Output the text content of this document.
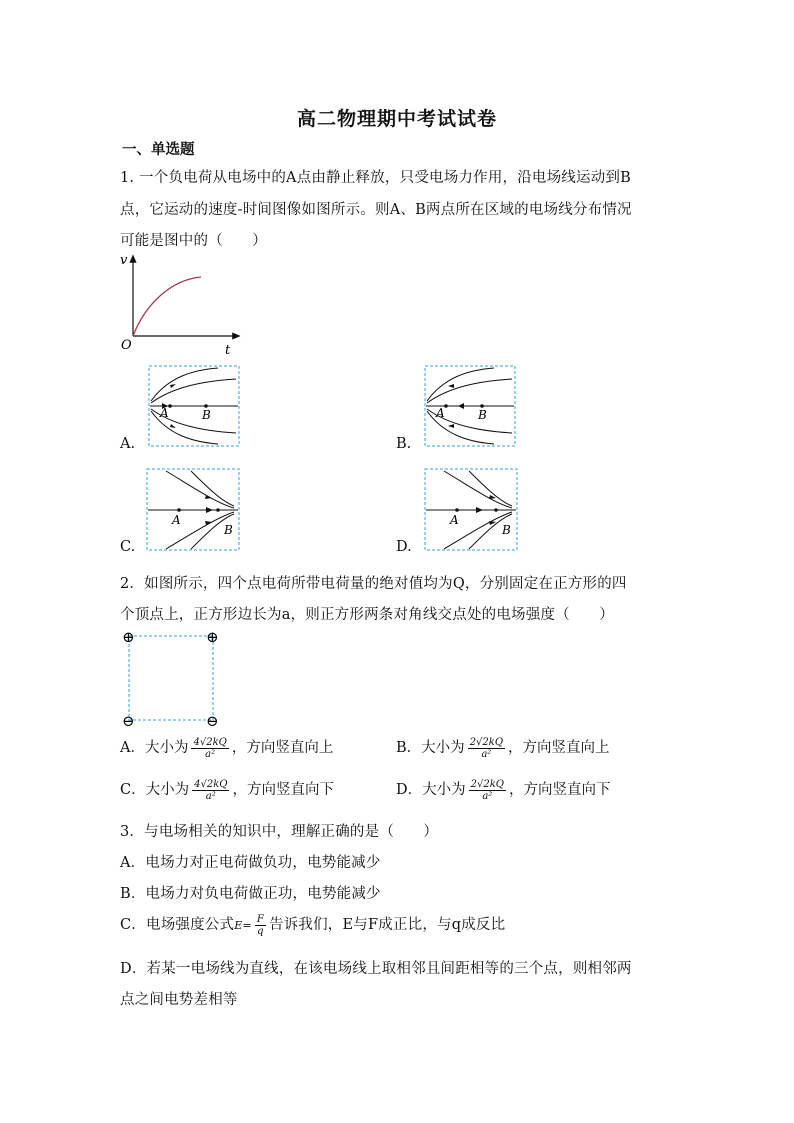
高二物理期中考试试卷
一、单选题
1. 一个负电荷从电场中的A点由静止释放，只受电场力作用，沿电场线运动到B
点，它运动的速度-时间图像如图所示。则A、B两点所在区域的电场线分布情况
可能是图中的（　　）
v
t
O
A.
A	B
B.
A	B
C.
A
B
D.
A
B
2．如图所示，四个点电荷所带电荷量的绝对值均为Q，分别固定在正方形的四
个顶点上，正方形边长为a，则正方形两条对角线交点处的电场强度（　　）
⊕	⊕
⊖	⊖
A．大小为 $\frac{4√2kQ}{\text{a²}}$ ，方向竖直向上	B．大小为 $\frac{2√2kQ}{\text{a²}}$ ，方向竖直向上
C．大小为 $\frac{4√2kQ}{\text{a²}}$ ，方向竖直向下	D．大小为 $\frac{2√2kQ}{\text{a²}}$ ，方向竖直向下
3．与电场相关的知识中，理解正确的是（　　）
A．电场力对正电荷做负功，电势能减少
B．电场力对负电荷做正功，电势能减少
C．电场强度公式$E= \frac{F}{q}$ 告诉我们，E与F成正比，与q成反比
D．若某一电场线为直线，在该电场线上取相邻且间距相等的三个点，则相邻两
点之间电势差相等
